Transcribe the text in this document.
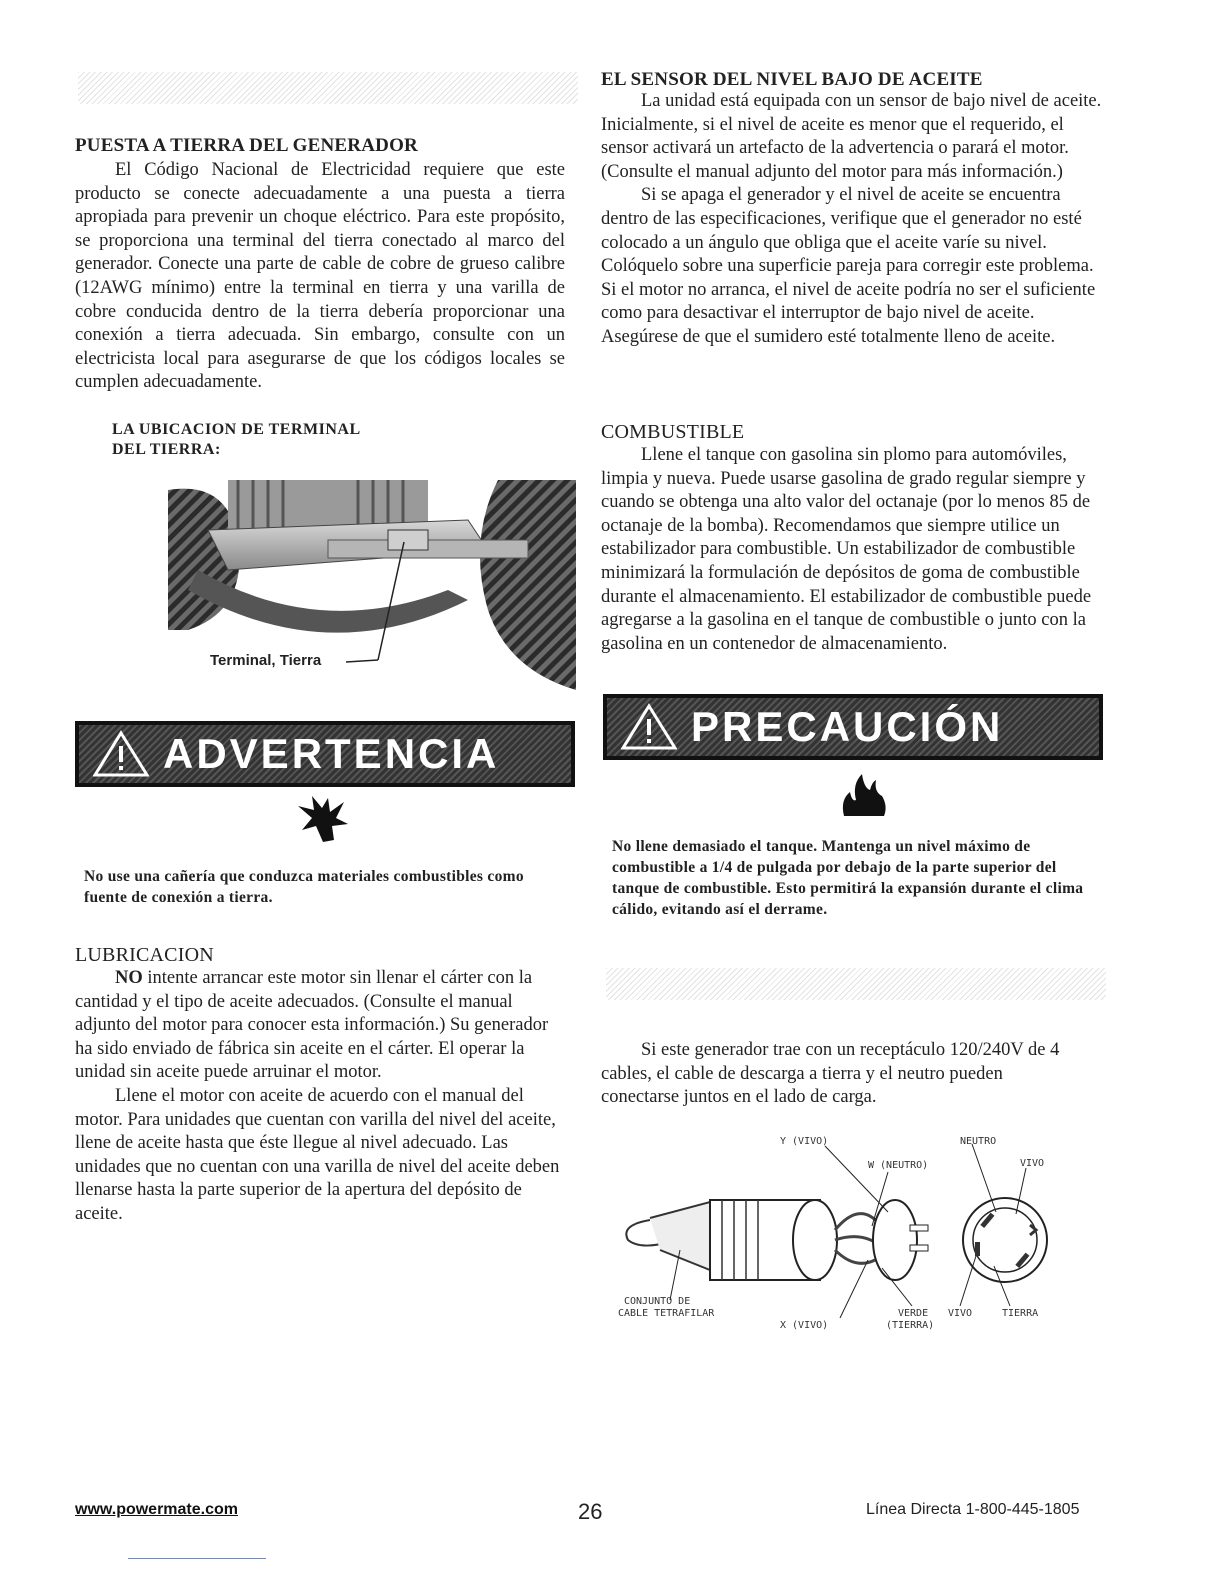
PUESTA A TIERRA DEL GENERADOR

El Código Nacional de Electricidad requiere que este producto se conecte adecuadamente a una puesta a tierra apropiada para prevenir un choque eléctrico. Para este propósito, se proporciona una terminal del tierra conectado al marco del generador. Conecte una parte de cable de cobre de grueso calibre (12AWG mínimo) entre la terminal en tierra y una varilla de cobre conducida dentro de la tierra debería proporcionar una conexión a tierra adecuada. Sin embargo, consulte con un electricista local para asegurarse de que los códigos locales se cumplen adecuadamente.

LA UBICACION DE TERMINAL

DEL TIERRA:

Terminal, Tierra
ADVERTENCIA

No use una cañería que conduzca materiales combustibles como fuente de conexión a tierra.

LUBRICACION

NO intente arrancar este motor sin llenar el cárter con la cantidad y el tipo de aceite adecuados. (Consulte el manual adjunto del motor para conocer esta información.) Su generador ha sido enviado de fábrica sin aceite en el cárter. El operar la unidad sin aceite puede arruinar el motor.

Llene el motor con aceite de acuerdo con el manual del motor. Para unidades que cuentan con varilla del nivel del aceite, llene de aceite hasta que éste llegue al nivel adecuado. Las unidades que no cuentan con una varilla de nivel del aceite deben llenarse hasta la parte superior de la apertura del depósito de aceite.

EL SENSOR DEL NIVEL BAJO DE ACEITE

La unidad está equipada con un sensor de bajo nivel de aceite. Inicialmente, si el nivel de aceite es menor que el requerido, el sensor activará un artefacto de la advertencia o parará el motor. (Consulte el manual adjunto del motor para más información.)

Si se apaga el generador y el nivel de aceite se encuentra dentro de las especificaciones, verifique que el generador no esté colocado a un ángulo que obliga que el aceite varíe su nivel. Colóquelo sobre una superficie pareja para corregir este problema. Si el motor no arranca, el nivel de aceite podría no ser el suficiente como para desactivar el interruptor de bajo nivel de aceite. Asegúrese de que el sumidero esté totalmente lleno de aceite.

COMBUSTIBLE

Llene el tanque con gasolina sin plomo para automóviles, limpia y nueva. Puede usarse gasolina de grado regular siempre y cuando se obtenga una alto valor del octanaje (por lo menos 85 de octanaje de la bomba). Recomendamos que siempre utilice un estabilizador para combustible. Un estabilizador de combustible minimizará la formulación de depósitos de goma de combustible durante el almacenamiento. El estabilizador de combustible puede agregarse a la gasolina en el tanque de combustible o junto con la gasolina en un contenedor de almacenamiento.

PRECAUCIÓN

No llene demasiado el tanque. Mantenga un nivel máximo de combustible a 1/4 de pulgada por debajo de la parte superior del tanque de combustible. Esto permitirá la expansión durante el clima cálido, evitando así el derrame.

Si este generador trae con un receptáculo 120/240V de 4 cables, el cable de descarga a tierra y el neutro pueden conectarse juntos en el lado de carga.

Y (VIVO)	NEUTRO
W (NEUTRO)	VIVO
CONJUNTO DE
CABLE TETRAFILAR
X (VIVO)
VERDE
(TIERRA)
VIVO	TIERRA
www.powermate.com	26	Línea Directa 1-800-445-1805
